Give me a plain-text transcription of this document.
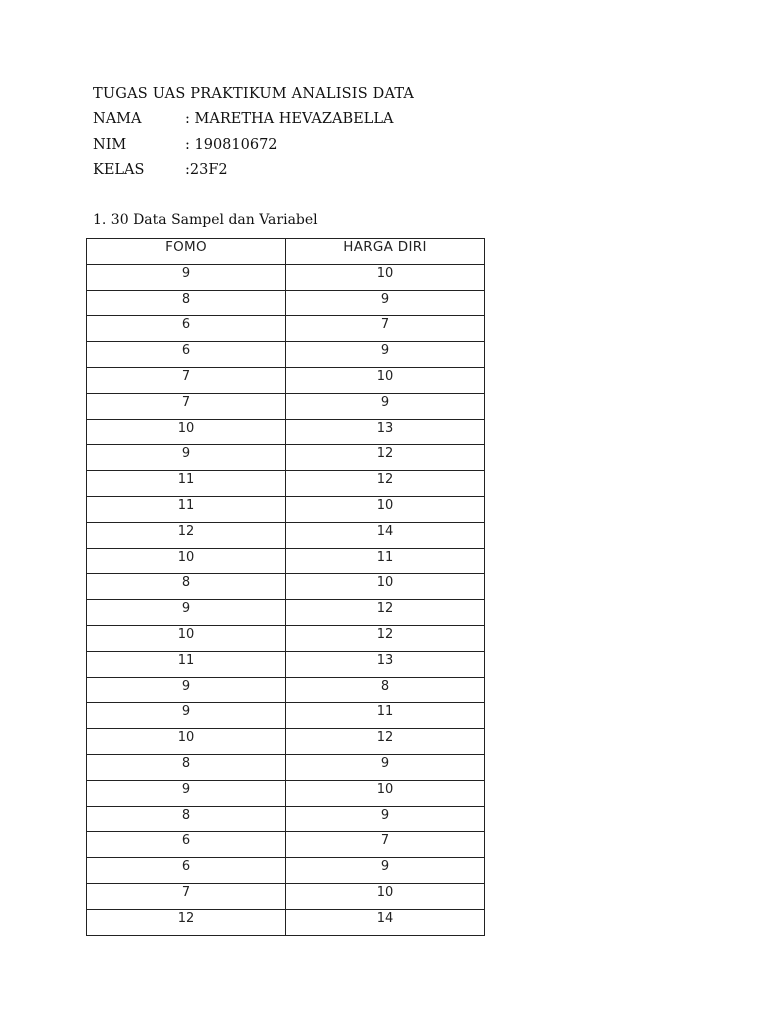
TUGAS UAS PRAKTIKUM ANALISIS DATA
NAMA	: MARETHA HEVAZABELLA
NIM	: 190810672
KELAS	:23F2
1. 30 Data Sampel dan Variabel
FOMO	HARGA DIRI
9	10
8	9
6	7
6	9
7	10
7	9
10	13
9	12
11	12
11	10
12	14
10	11
8	10
9	12
10	12
11	13
9	8
9	11
10	12
8	9
9	10
8	9
6	7
6	9
7	10
12	14
